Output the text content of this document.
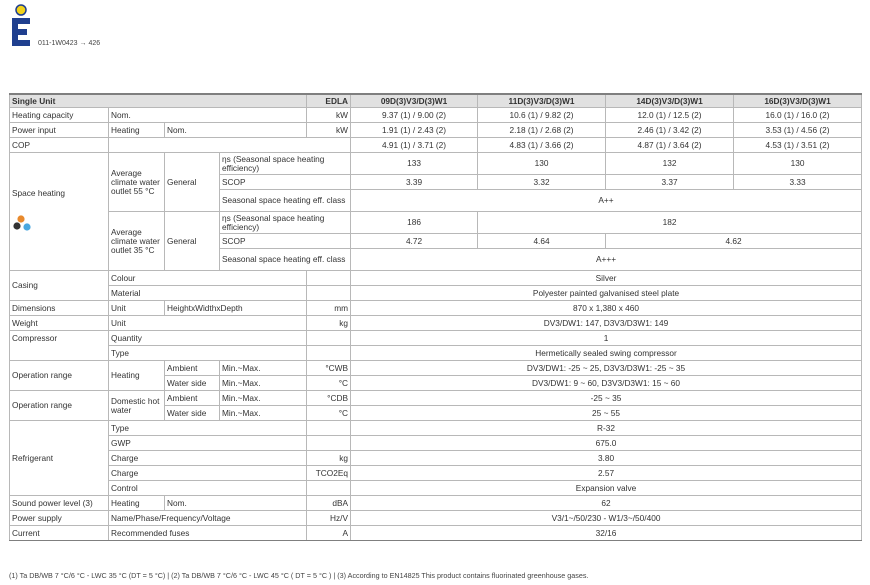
011-1W0423 → 426
Single Unit				EDLA	09D(3)V3/D(3)W1	11D(3)V3/D(3)W1	14D(3)V3/D(3)W1	16D(3)V3/D(3)W1
Heating capacity	Nom.			kW	9.37 (1) / 9.00 (2)	10.6 (1) / 9.82 (2)	12.0 (1) / 12.5 (2)	16.0 (1) / 16.0 (2)
Power input	Heating	Nom.		kW	1.91 (1) / 2.43 (2)	2.18 (1) / 2.68 (2)	2.46 (1) / 3.42 (2)	3.53 (1) / 4.56 (2)
COP					4.91 (1) / 3.71 (2)	4.83 (1) / 3.66 (2)	4.87 (1) / 3.64 (2)	4.53 (1) / 3.51 (2)

Space heating	Average climate water outlet 55 °C	General	ηs (Seasonal space heating efficiency)		133	130	132	130
			SCOP		3.39	3.32	3.37	3.33
			Seasonal space heating eff. class		A++			
	Average climate water outlet 35 °C	General	ηs (Seasonal space heating efficiency)		186	182		
			SCOP		4.72	4.64	4.62	
			Seasonal space heating eff. class		A+++			
Casing	Colour				Silver			
	Material				Polyester painted galvanised steel plate			
Dimensions	Unit	HeightxWidthxDepth		mm	870 x 1,380 x 460			
Weight	Unit			kg	DV3/DW1: 147, D3V3/D3W1: 149			
Compressor	Quantity				1			
	Type				Hermetically sealed swing compressor			
Operation range	Heating	Ambient	Min.~Max.	°CWB	DV3/DW1: -25 ~ 25, D3V3/D3W1: -25 ~ 35			
		Water side	Min.~Max.	°C	DV3/DW1: 9 ~ 60, D3V3/D3W1: 15 ~ 60			
Operation range	Domestic hot water	Ambient	Min.~Max.	°CDB	-25 ~ 35			
		Water side	Min.~Max.	°C	25 ~ 55			
Refrigerant	Type				R-32			
	GWP				675.0			
	Charge			kg	3.80			
	Charge			TCO2Eq	2.57			
	Control				Expansion valve			
Sound power level (3)	Heating	Nom.		dBA	62			
Power supply	Name/Phase/Frequency/Voltage			Hz/V	V3/1~/50/230 - W1/3~/50/400			
Current	Recommended fuses			A	32/16			
(1) Ta DB/WB 7 °C/6 °C - LWC 35 °C (DT = 5 °C) | (2) Ta DB/WB 7 °C/6 °C - LWC 45 °C ( DT = 5 °C ) | (3) According to EN14825 This product contains fluorinated greenhouse gases.
